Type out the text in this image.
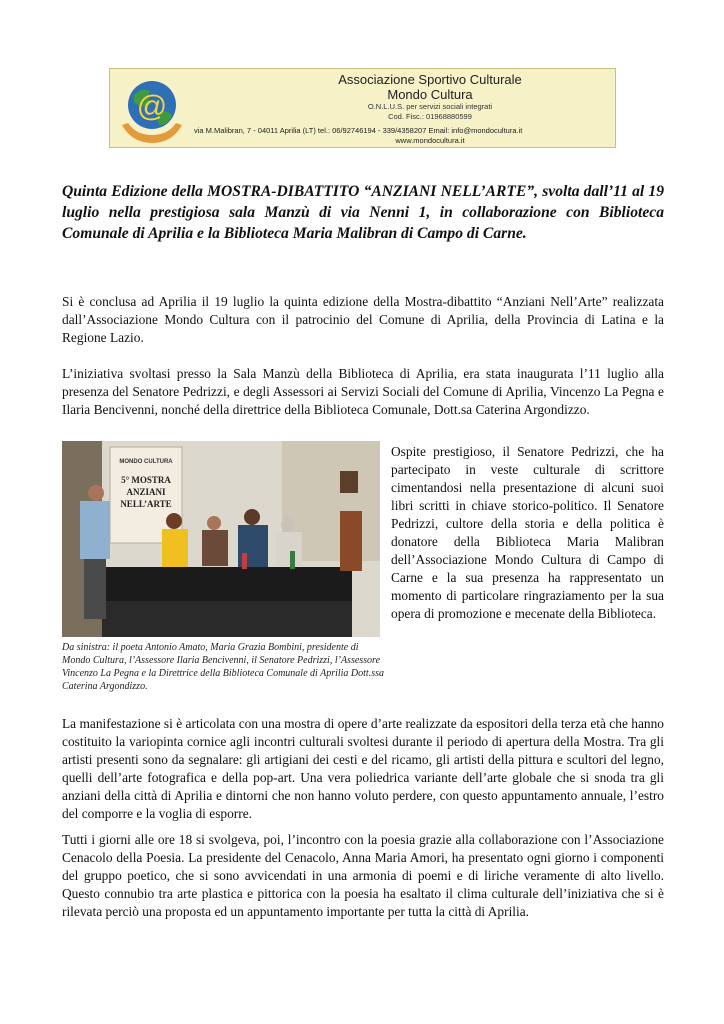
@
Associazione Sportivo Culturale
Mondo Cultura
O.N.L.U.S. per servizi sociali integrati
Cod. Fisc.: 01968880599
via M.Malibran, 7 - 04011 Aprilia (LT) tel.: 06/92746194 - 339/4358207 Email: info@mondocultura.it
www.mondocultura.it
Quinta Edizione della MOSTRA-DIBATTITO “ANZIANI NELL’ARTE”, svolta dall’11 al 19 luglio nella prestigiosa sala Manzù di via Nenni 1, in collaborazione con Biblioteca Comunale di Aprilia e la Biblioteca Maria Malibran di Campo di Carne.
Si è conclusa ad Aprilia il 19 luglio la quinta edizione della Mostra-dibattito “Anziani Nell’Arte” realizzata dall’Associazione Mondo Cultura con il patrocinio del Comune di Aprilia, della Provincia di Latina e la Regione Lazio.
L’iniziativa svoltasi presso la Sala Manzù della Biblioteca di Aprilia, era stata inaugurata l’11 luglio alla presenza del Senatore Pedrizzi, e degli Assessori ai Servizi Sociali del Comune di Aprilia, Vincenzo La Pegna e Ilaria Bencivenni, nonché della direttrice della Biblioteca Comunale, Dott.sa Caterina Argondizzo.
MONDO CULTURA
5° MOSTRA
ANZIANI
NELL’ARTE
Da sinistra: il poeta Antonio Amato, Maria Grazia Bombini, presidente di Mondo Cultura, l’Assessore Ilaria Bencivenni, il Senatore Pedrizzi, l’Assessore Vincenzo La Pegna e la Direttrice della Biblioteca Comunale di Aprilia Dott.ssa Caterina Argondizzo.
Ospite prestigioso, il Senatore Pedrizzi, che ha partecipato in veste culturale di scrittore cimentandosi nella presentazione di alcuni suoi libri scritti in chiave storico-politico. Il Senatore Pedrizzi, cultore della storia e della politica è donatore della Biblioteca Maria Malibran dell’Associazione Mondo Cultura di Campo di Carne e la sua presenza ha rappresentato un momento di particolare ringraziamento per la sua opera di promozione e mecenate della Biblioteca.
La manifestazione si è articolata con una mostra di opere d’arte realizzate da espositori della terza età che hanno costituito la variopinta cornice agli incontri culturali svoltesi durante il periodo di apertura della Mostra. Tra gli artisti presenti sono da segnalare: gli artigiani dei cesti e del ricamo, gli artisti della pittura e scultori del legno, quelli dell’arte fotografica e della pop-art. Una vera poliedrica variante dell’arte globale che si snoda tra gli anziani della città di Aprilia e dintorni che non hanno voluto perdere, con questo appuntamento annuale, l’estro del comporre e la voglia di esporre.
Tutti i giorni alle ore 18 si svolgeva, poi, l’incontro con la poesia grazie alla collaborazione con l’Associazione Cenacolo della Poesia. La presidente del Cenacolo, Anna Maria Amori, ha presentato ogni giorno i componenti del gruppo poetico, che si sono avvicendati in una armonia di poemi e di liriche veramente di alto livello. Questo connubio tra arte plastica e pittorica con la poesia ha esaltato il clima culturale dell’iniziativa che si è rilevata perciò una proposta ed un appuntamento importante per tutta la città di Aprilia.
